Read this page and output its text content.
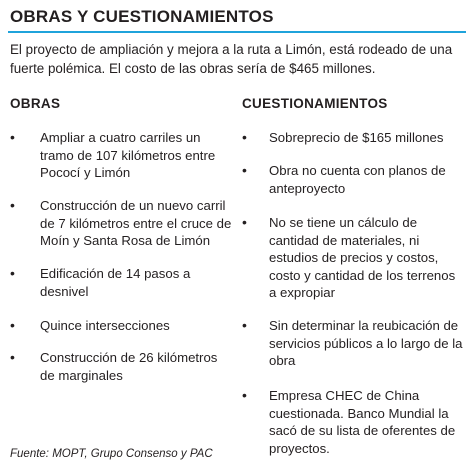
OBRAS Y CUESTIONAMIENTOS

El proyecto de ampliación y mejora a la ruta a Limón, está rodeado de una fuerte polémica. El costo de las obras sería de $465 millones.

OBRAS	CUESTIONAMIENTOS
• Ampliar a cuatro carriles un tramo de 107 kilómetros entre Pococí y Limón
• Construcción de un nuevo carril de 7 kilómetros entre el cruce de Moín y Santa Rosa de Limón
• Edificación de 14 pasos a desnivel
• Quince intersecciones
• Construcción de 26 kilómetros de marginales
• Sobreprecio de $165 millones
• Obra no cuenta con planos de anteproyecto
• No se tiene un cálculo de cantidad de materiales, ni estudios de precios y costos, costo y cantidad de los terrenos a expropiar
• Sin determinar la reubicación de servicios públicos a lo largo de la obra
• Empresa CHEC de China cuestionada. Banco Mundial la sacó de su lista de oferentes de proyectos.

Fuente: MOPT, Grupo Consenso y PAC
